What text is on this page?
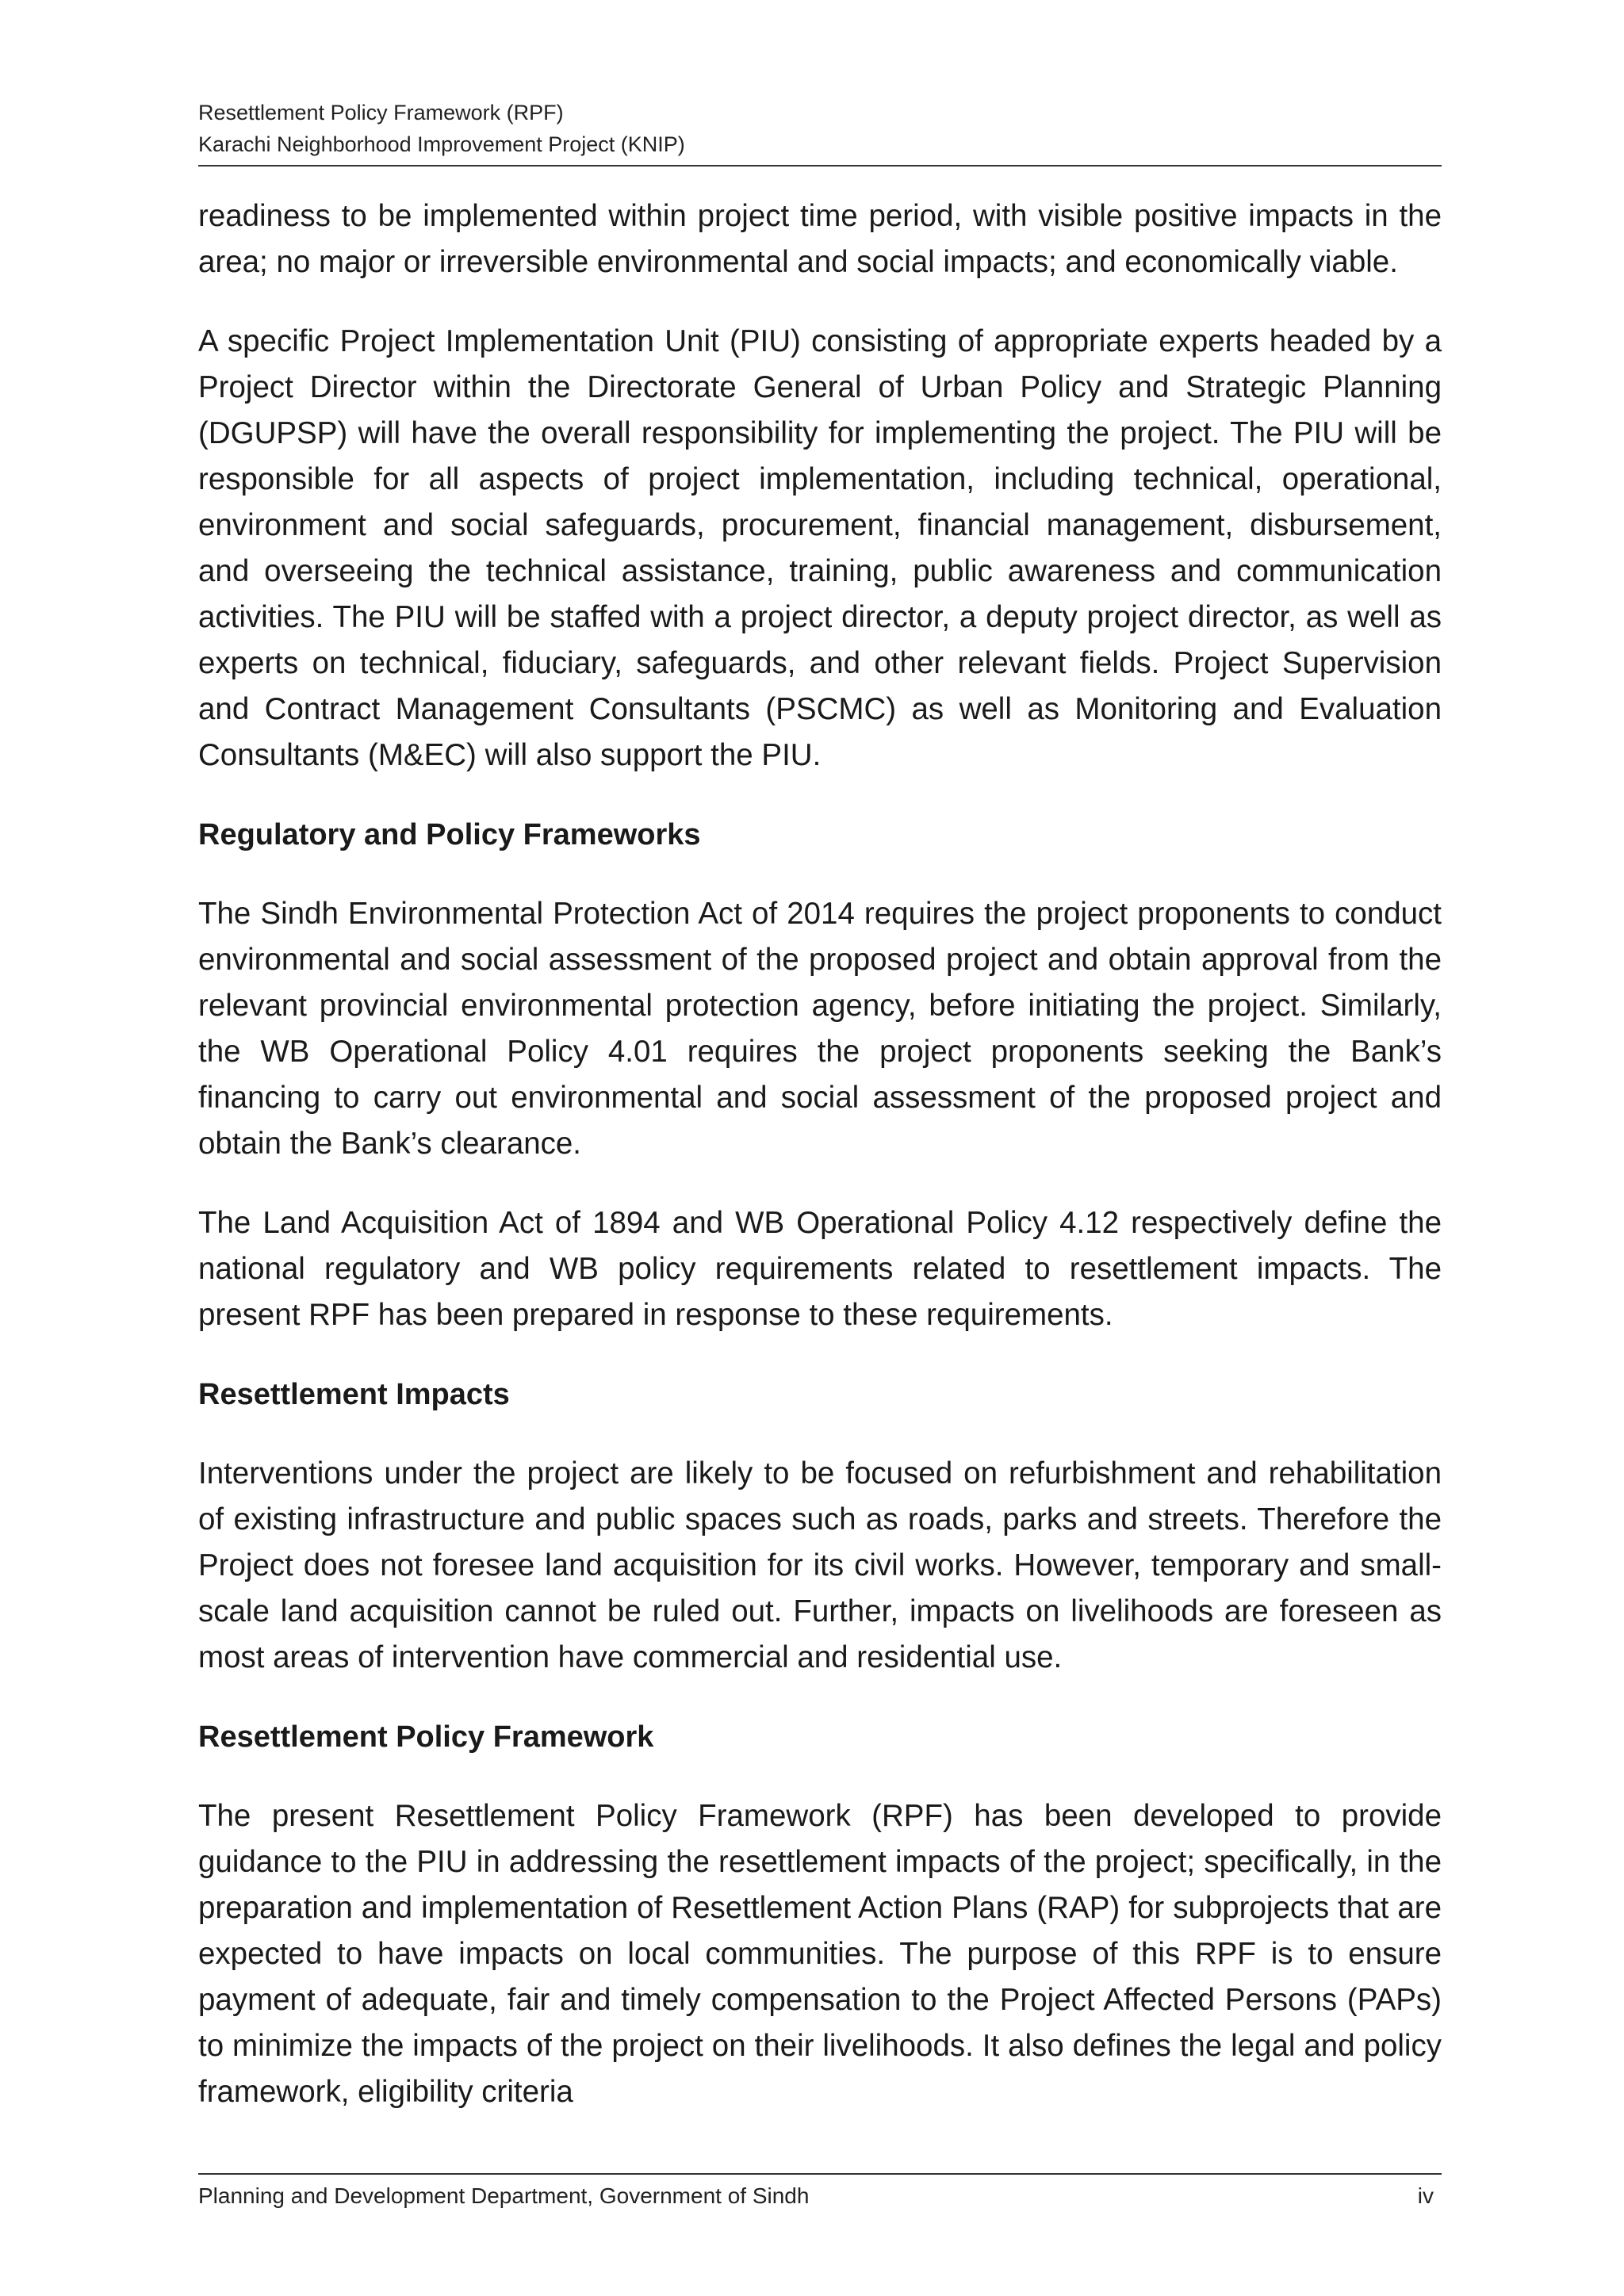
Resettlement Policy Framework (RPF)
Karachi Neighborhood Improvement Project (KNIP)

readiness to be implemented within project time period, with visible positive impacts in the area; no major or irreversible environmental and social impacts; and economically viable.

A specific Project Implementation Unit (PIU) consisting of appropriate experts headed by a Project Director within the Directorate General of Urban Policy and Strategic Planning (DGUPSP) will have the overall responsibility for implementing the project. The PIU will be responsible for all aspects of project implementation, including technical, operational, environment and social safeguards, procurement, financial management, disbursement, and overseeing the technical assistance, training, public awareness and communication activities. The PIU will be staffed with a project director, a deputy project director, as well as experts on technical, fiduciary, safeguards, and other relevant fields. Project Supervision and Contract Management Consultants (PSCMC) as well as Monitoring and Evaluation Consultants (M&EC) will also support the PIU.

Regulatory and Policy Frameworks

The Sindh Environmental Protection Act of 2014 requires the project proponents to conduct environmental and social assessment of the proposed project and obtain approval from the relevant provincial environmental protection agency, before initiating the project. Similarly, the WB Operational Policy 4.01 requires the project proponents seeking the Bank’s financing to carry out environmental and social assessment of the proposed project and obtain the Bank’s clearance.

The Land Acquisition Act of 1894 and WB Operational Policy 4.12 respectively define the national regulatory and WB policy requirements related to resettlement impacts. The present RPF has been prepared in response to these requirements.

Resettlement Impacts

Interventions under the project are likely to be focused on refurbishment and rehabilitation of existing infrastructure and public spaces such as roads, parks and streets. Therefore the Project does not foresee land acquisition for its civil works. However, temporary and small-scale land acquisition cannot be ruled out. Further, impacts on livelihoods are foreseen as most areas of intervention have commercial and residential use.

Resettlement Policy Framework

The present Resettlement Policy Framework (RPF) has been developed to provide guidance to the PIU in addressing the resettlement impacts of the project; specifically, in the preparation and implementation of Resettlement Action Plans (RAP) for subprojects that are expected to have impacts on local communities. The purpose of this RPF is to ensure payment of adequate, fair and timely compensation to the Project Affected Persons (PAPs) to minimize the impacts of the project on their livelihoods. It also defines the legal and policy framework, eligibility criteria

Planning and Development Department, Government of Sindh	iv
